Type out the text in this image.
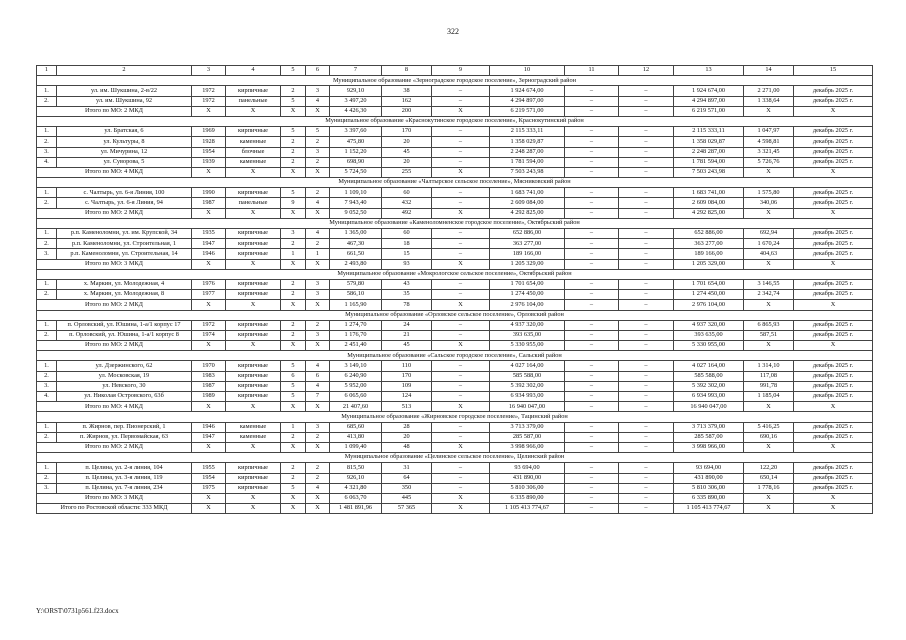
322
1	2	3	4	5	6	7	8	9	10	11	12	13	14	15
Муниципальное образование «Зерноградское городское поселение», Зерноградский район														
1.	ул. им. Шукшина, 2-в/22	1972	кирпичные	2	3	929,10	38	–	1 924 674,00	–	–	1 924 674,00	2 271,00	декабрь 2025 г.
2.	ул. им. Шукшина, 92	1972	панельные	5	4	3 497,20	162	–	4 294 897,00	–	–	4 294 897,00	1 338,64	декабрь 2025 г.
Итого по МО: 2 МКД		X	X	X	X	4 426,30	200	X	6 219 571,00	–	–	6 219 571,00	X	X
Муниципальное образование «Краснокутинское городское поселение», Краснокутинский район														
1.	ул. Братская, 6	1969	кирпичные	5	5	3 397,60	170	–	2 115 333,11	–	–	2 115 333,11	1 047,97	декабрь 2025 г.
2.	ул. Культуры, 8	1928	каменные	2	2	475,80	20	–	1 358 029,87	–	–	1 358 029,87	4 598,81	декабрь 2025 г.
3.	ул. Мичурина, 12	1954	блочные	2	3	1 152,20	45	–	2 248 287,00	–	–	2 248 287,00	3 321,45	декабрь 2025 г.
4.	ул. Суворова, 5	1939	каменные	2	2	698,90	20	–	1 781 594,00	–	–	1 781 594,00	5 726,76	декабрь 2025 г.
Итого по МО: 4 МКД		X	X	X	X	5 724,50	255	X	7 503 243,98	–	–	7 503 243,98	X	X
Муниципальное образование «Чалтырское сельское поселение», Мясниковский район														
1.	с. Чалтырь, ул. 6-я Линия, 100	1990	кирпичные	5	2	1 109,10	60	–	1 683 741,00	–	–	1 683 741,00	1 575,80	декабрь 2025 г.
2.	с. Чалтырь, ул. 6-я Линия, 94	1987	панельные	9	4	7 943,40	432	–	2 609 084,00	–	–	2 609 084,00	340,06	декабрь 2025 г.
Итого по МО: 2 МКД		X	X	X	X	9 052,50	492	X	4 292 825,00	–	–	4 292 825,00	X	X
Муниципальное образование «Каменоломненское городское поселение», Октябрьский район														
1.	р.п. Каменоломни, ул. им. Крупской, 34	1935	кирпичные	3	4	1 365,00	60	–	652 886,00	–	–	652 886,00	692,94	декабрь 2025 г.
2.	р.п. Каменоломни, ул. Строительная, 1	1947	кирпичные	2	2	467,30	18	–	363 277,00	–	–	363 277,00	1 670,24	декабрь 2025 г.
3.	р.п. Каменоломни, ул. Строительная, 14	1946	кирпичные	1	1	661,50	15	–	189 166,00	–	–	189 166,00	404,63	декабрь 2025 г.
Итого по МО: 3 МКД		X	X	X	X	2 493,80	93	X	1 205 329,00	–	–	1 205 329,00	X	X
Муниципальное образование «Мокрологское сельское поселение», Октябрьский район														
1.	х. Маркин, ул. Молодежная, 4	1976	кирпичные	2	3	579,80	43	–	1 701 654,00	–	–	1 701 654,00	3 146,55	декабрь 2025 г.
2.	х. Маркин, ул. Молодежная, 8	1977	кирпичные	2	3	586,10	35	–	1 274 450,00	–	–	1 274 450,00	2 342,74	декабрь 2025 г.
Итого по МО: 2 МКД		X	X	X	X	1 165,90	78	X	2 976 104,00	–	–	2 976 104,00	X	X
Муниципальное образование «Орловское сельское поселение», Орловский район														
1.	п. Орловский, ул. Юшина, 1-а/1 корпус 17	1972	кирпичные	2	2	1 274,70	24	–	4 937 320,00	–	–	4 937 320,00	6 865,93	декабрь 2025 г.
2.	п. Орловский, ул. Юшина, 1-а/1 корпус 8	1974	кирпичные	2	3	1 176,70	21	–	393 635,00	–	–	393 635,00	587,51	декабрь 2025 г.
Итого по МО: 2 МКД		X	X	X	X	2 451,40	45	X	5 330 955,00	–	–	5 330 955,00	X	X
Муниципальное образование «Сальское городское поселение», Сальский район														
1.	ул. Дзержинского, 62	1970	кирпичные	5	4	3 149,10	110	–	4 027 164,00	–	–	4 027 164,00	1 314,10	декабрь 2025 г.
2.	ул. Московская, 19	1983	кирпичные	6	6	6 240,90	170	–	585 588,00	–	–	585 588,00	117,08	декабрь 2025 г.
3.	ул. Невского, 30	1987	кирпичные	5	4	5 952,00	109	–	5 392 302,00	–	–	5 392 302,00	991,78	декабрь 2025 г.
4.	ул. Николая Островского, 63б	1989	кирпичные	5	7	6 065,60	124	–	6 934 993,00	–	–	6 934 993,00	1 185,04	декабрь 2025 г.
Итого по МО: 4 МКД		X	X	X	X	21 407,60	513	X	16 940 047,00	–	–	16 940 047,00	X	X
Муниципальное образование «Жирновское городское поселение», Тацинский район														
1.	п. Жирнов, пер. Пионерский, 1	1946	каменные	1	3	685,60	28	–	3 713 379,00	–	–	3 713 379,00	5 416,25	декабрь 2025 г.
2.	п. Жирнов, ул. Первомайская, 63	1947	каменные	2	2	413,80	20	–	285 587,00	–	–	285 587,00	690,16	декабрь 2025 г.
Итого по МО: 2 МКД		X	X	X	X	1 099,40	48	X	3 998 966,00	–	–	3 998 966,00	X	X
Муниципальное образование «Целинское сельское поселение», Целинский район														
1.	п. Целина, ул. 2-я линия, 104	1955	кирпичные	2	2	815,50	31	–	93 694,00	–	–	93 694,00	122,20	декабрь 2025 г.
2.	п. Целина, ул. 3-я линия, 119	1954	кирпичные	2	2	926,10	64	–	431 890,00	–	–	431 890,00	650,14	декабрь 2025 г.
3.	п. Целина, ул. 7-я линия, 234	1975	кирпичные	5	4	4 321,80	350	–	5 810 306,00	–	–	5 810 306,00	1 778,16	декабрь 2025 г.
Итого по МО: 3 МКД		X	X	X	X	6 063,70	445	X	6 335 890,00	–	–	6 335 890,00	X	X
Итого по Ростовской области: 333 МКД		X	X	X	X	1 481 891,96	57 365	X	1 105 413 774,67	–	–	1 105 413 774,67	X	X
Y:\ORST\0731p561.f23.docx
